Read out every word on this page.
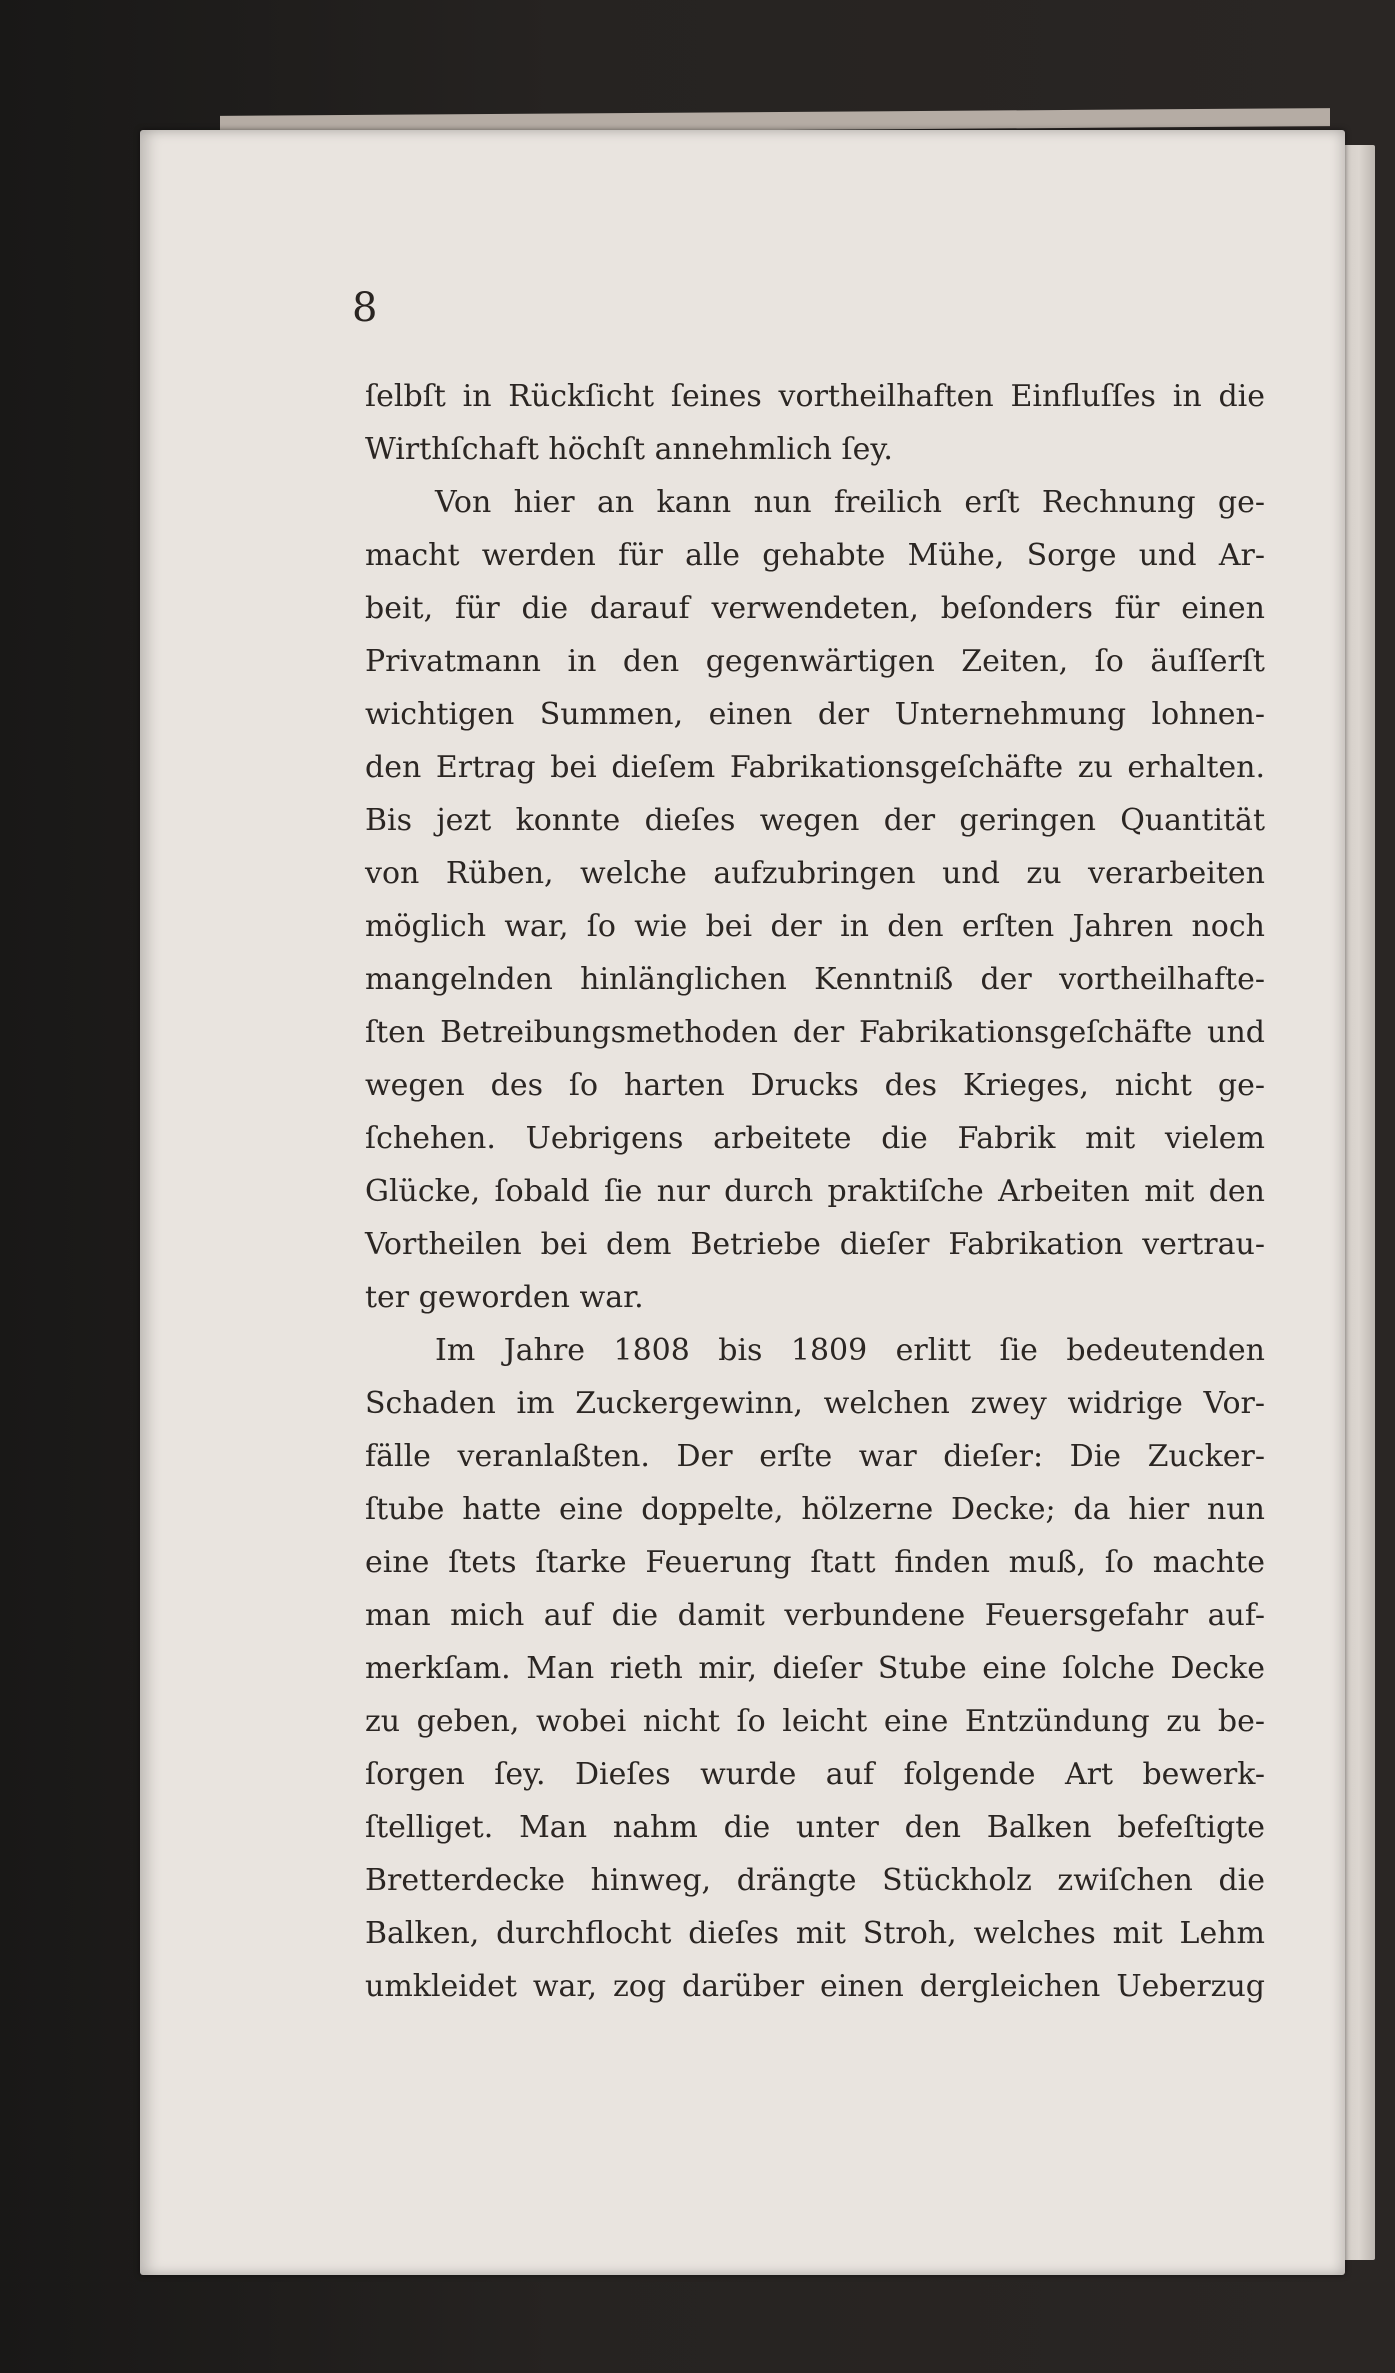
8
ſelbſt in Rückſicht ſeines vortheilhaften Einfluſſes in die
Wirthſchaft höchſt annehmlich ſey.
Von hier an kann nun freilich erſt Rechnung ge-
macht werden für alle gehabte Mühe, Sorge und Ar-
beit, für die darauf verwendeten, beſonders für einen
Privatmann in den gegenwärtigen Zeiten, ſo äuſſerſt
wichtigen Summen, einen der Unternehmung lohnen-
den Ertrag bei dieſem Fabrikationsgeſchäfte zu erhalten.
Bis jezt konnte dieſes wegen der geringen Quantität
von Rüben, welche aufzubringen und zu verarbeiten
möglich war, ſo wie bei der in den erſten Jahren noch
mangelnden hinlänglichen Kenntniß der vortheilhafte-
ſten Betreibungsmethoden der Fabrikationsgeſchäfte und
wegen des ſo harten Drucks des Krieges, nicht ge-
ſchehen. Uebrigens arbeitete die Fabrik mit vielem
Glücke, ſobald ſie nur durch praktiſche Arbeiten mit den
Vortheilen bei dem Betriebe dieſer Fabrikation vertrau-
ter geworden war.
Im Jahre 1808 bis 1809 erlitt ſie bedeutenden
Schaden im Zuckergewinn, welchen zwey widrige Vor-
fälle veranlaßten. Der erſte war dieſer: Die Zucker-
ſtube hatte eine doppelte, hölzerne Decke; da hier nun
eine ſtets ſtarke Feuerung ſtatt finden muß, ſo machte
man mich auf die damit verbundene Feuersgefahr auf-
merkſam. Man rieth mir, dieſer Stube eine ſolche Decke
zu geben, wobei nicht ſo leicht eine Entzündung zu be-
ſorgen ſey. Dieſes wurde auf folgende Art bewerk-
ſtelliget. Man nahm die unter den Balken befeſtigte
Bretterdecke hinweg, drängte Stückholz zwiſchen die
Balken, durchflocht dieſes mit Stroh, welches mit Lehm
umkleidet war, zog darüber einen dergleichen Ueberzug
